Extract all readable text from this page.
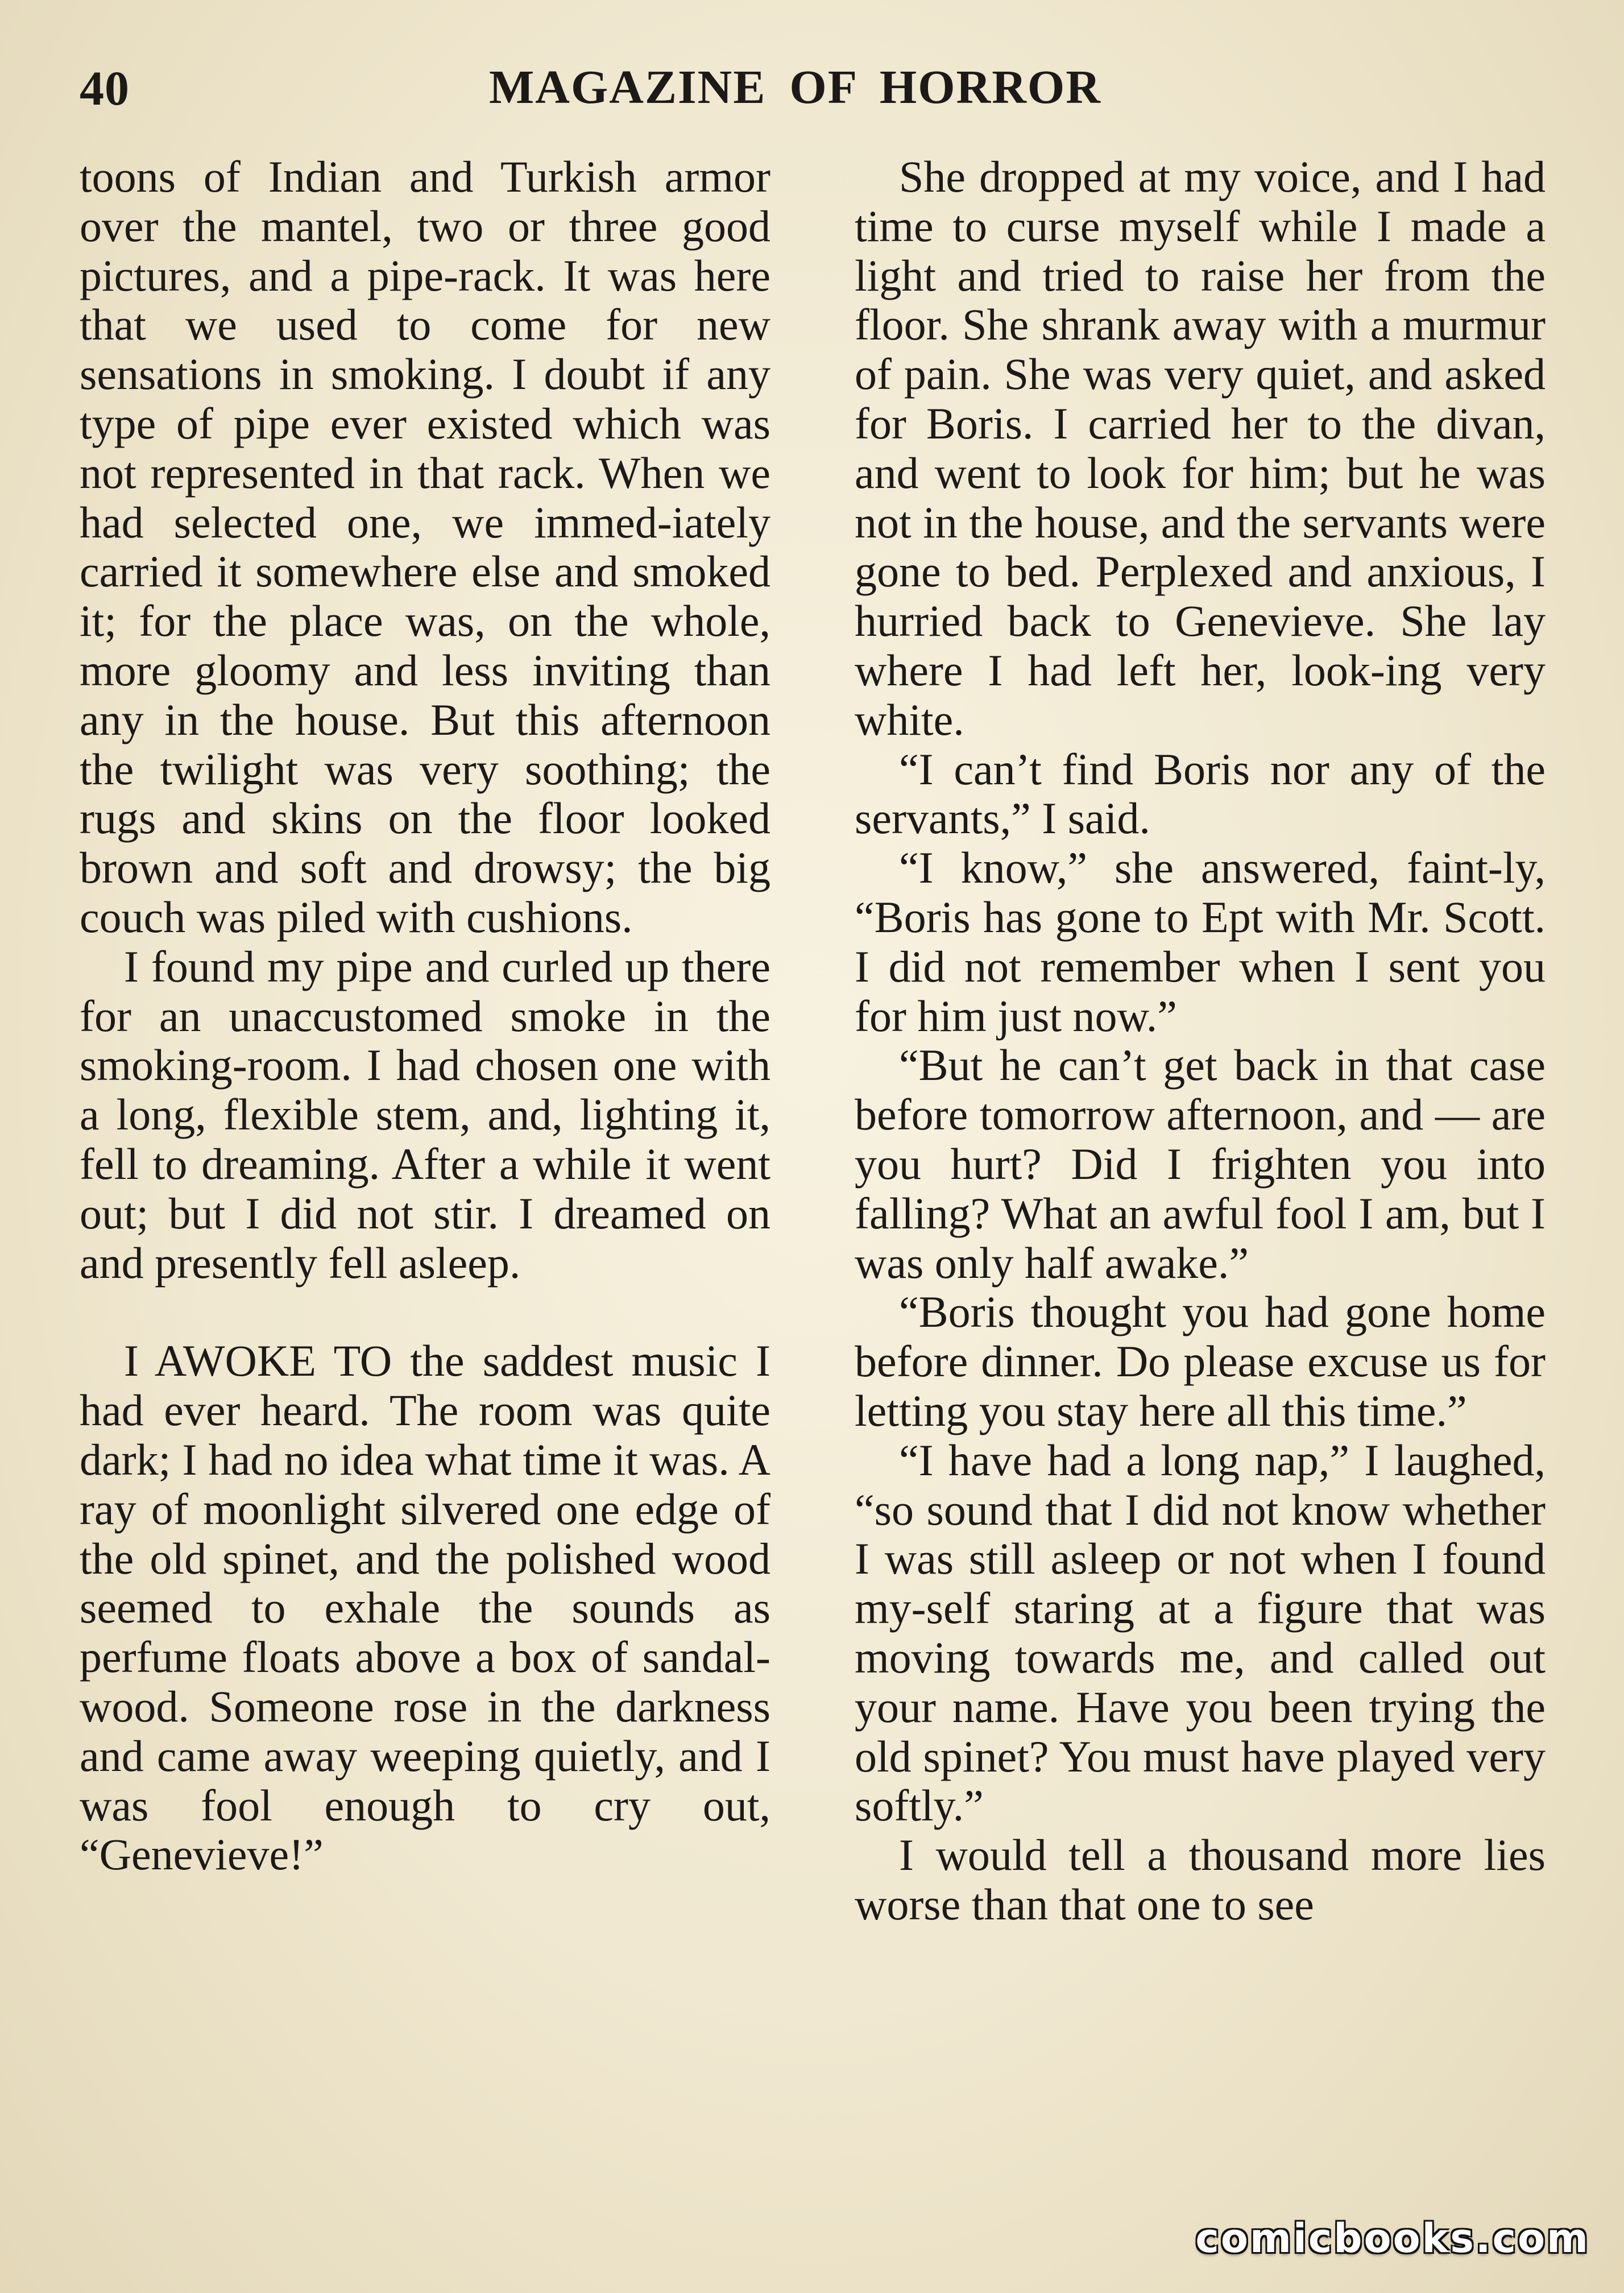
40	MAGAZINE OF HORROR

toons of Indian and Turkish armor over the mantel, two or three good pictures, and a pipe-rack. It was here that we used to come for new sensations in smoking. I doubt if any type of pipe ever existed which was not represented in that rack. When we had selected one, we immed-iately carried it somewhere else and smoked it; for the place was, on the whole, more gloomy and less inviting than any in the house. But this afternoon the twilight was very soothing; the rugs and skins on the floor looked brown and soft and drowsy; the big couch was piled with cushions.

I found my pipe and curled up there for an unaccustomed smoke in the smoking-room. I had chosen one with a long, flexible stem, and, lighting it, fell to dreaming. After a while it went out; but I did not stir. I dreamed on and presently fell asleep.

I AWOKE TO the saddest music I had ever heard. The room was quite dark; I had no idea what time it was. A ray of moonlight silvered one edge of the old spinet, and the polished wood seemed to exhale the sounds as perfume floats above a box of sandal-wood. Someone rose in the darkness and came away weeping quietly, and I was fool enough to cry out, “Genevieve!”

She dropped at my voice, and I had time to curse myself while I made a light and tried to raise her from the floor. She shrank away with a murmur of pain. She was very quiet, and asked for Boris. I carried her to the divan, and went to look for him; but he was not in the house, and the servants were gone to bed. Perplexed and anxious, I hurried back to Genevieve. She lay where I had left her, look-ing very white.

“I can’t find Boris nor any of the servants,” I said.

“I know,” she answered, faint-ly, “Boris has gone to Ept with Mr. Scott. I did not remember when I sent you for him just now.”

“But he can’t get back in that case before tomorrow afternoon, and — are you hurt? Did I frighten you into falling? What an awful fool I am, but I was only half awake.”

“Boris thought you had gone home before dinner. Do please excuse us for letting you stay here all this time.”

“I have had a long nap,” I laughed, “so sound that I did not know whether I was still asleep or not when I found my-self staring at a figure that was moving towards me, and called out your name. Have you been trying the old spinet? You must have played very softly.”

I would tell a thousand more lies worse than that one to see

comicbooks.com
